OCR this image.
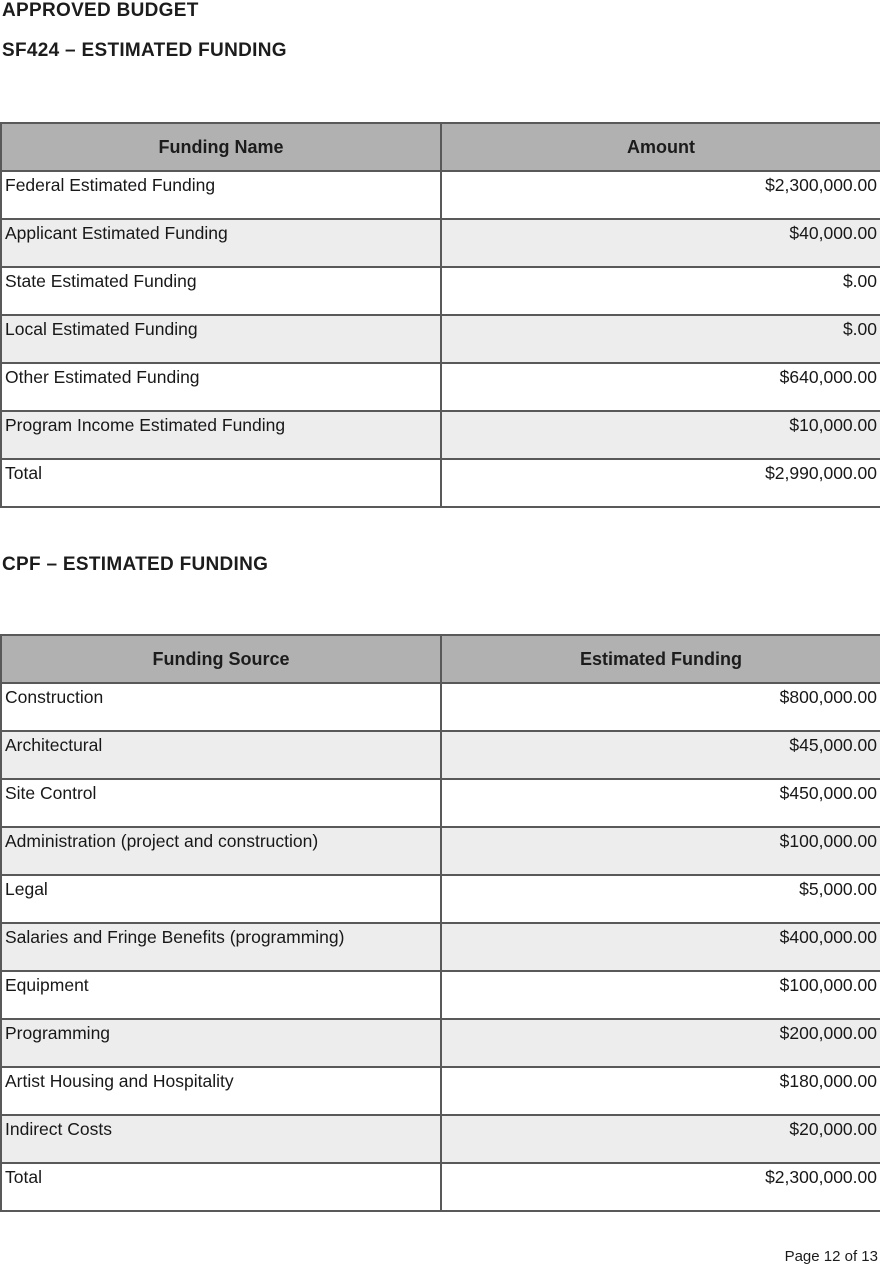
APPROVED BUDGET
SF424 – ESTIMATED FUNDING
Funding Name	Amount
Federal Estimated Funding	$2,300,000.00
Applicant Estimated Funding	$40,000.00
State Estimated Funding	$.00
Local Estimated Funding	$.00
Other Estimated Funding	$640,000.00
Program Income Estimated Funding	$10,000.00
Total	$2,990,000.00
CPF – ESTIMATED FUNDING
Funding Source	Estimated Funding
Construction	$800,000.00
Architectural	$45,000.00
Site Control	$450,000.00
Administration (project and construction)	$100,000.00
Legal	$5,000.00
Salaries and Fringe Benefits (programming)	$400,000.00
Equipment	$100,000.00
Programming	$200,000.00
Artist Housing and Hospitality	$180,000.00
Indirect Costs	$20,000.00
Total	$2,300,000.00
Page 12 of 13
